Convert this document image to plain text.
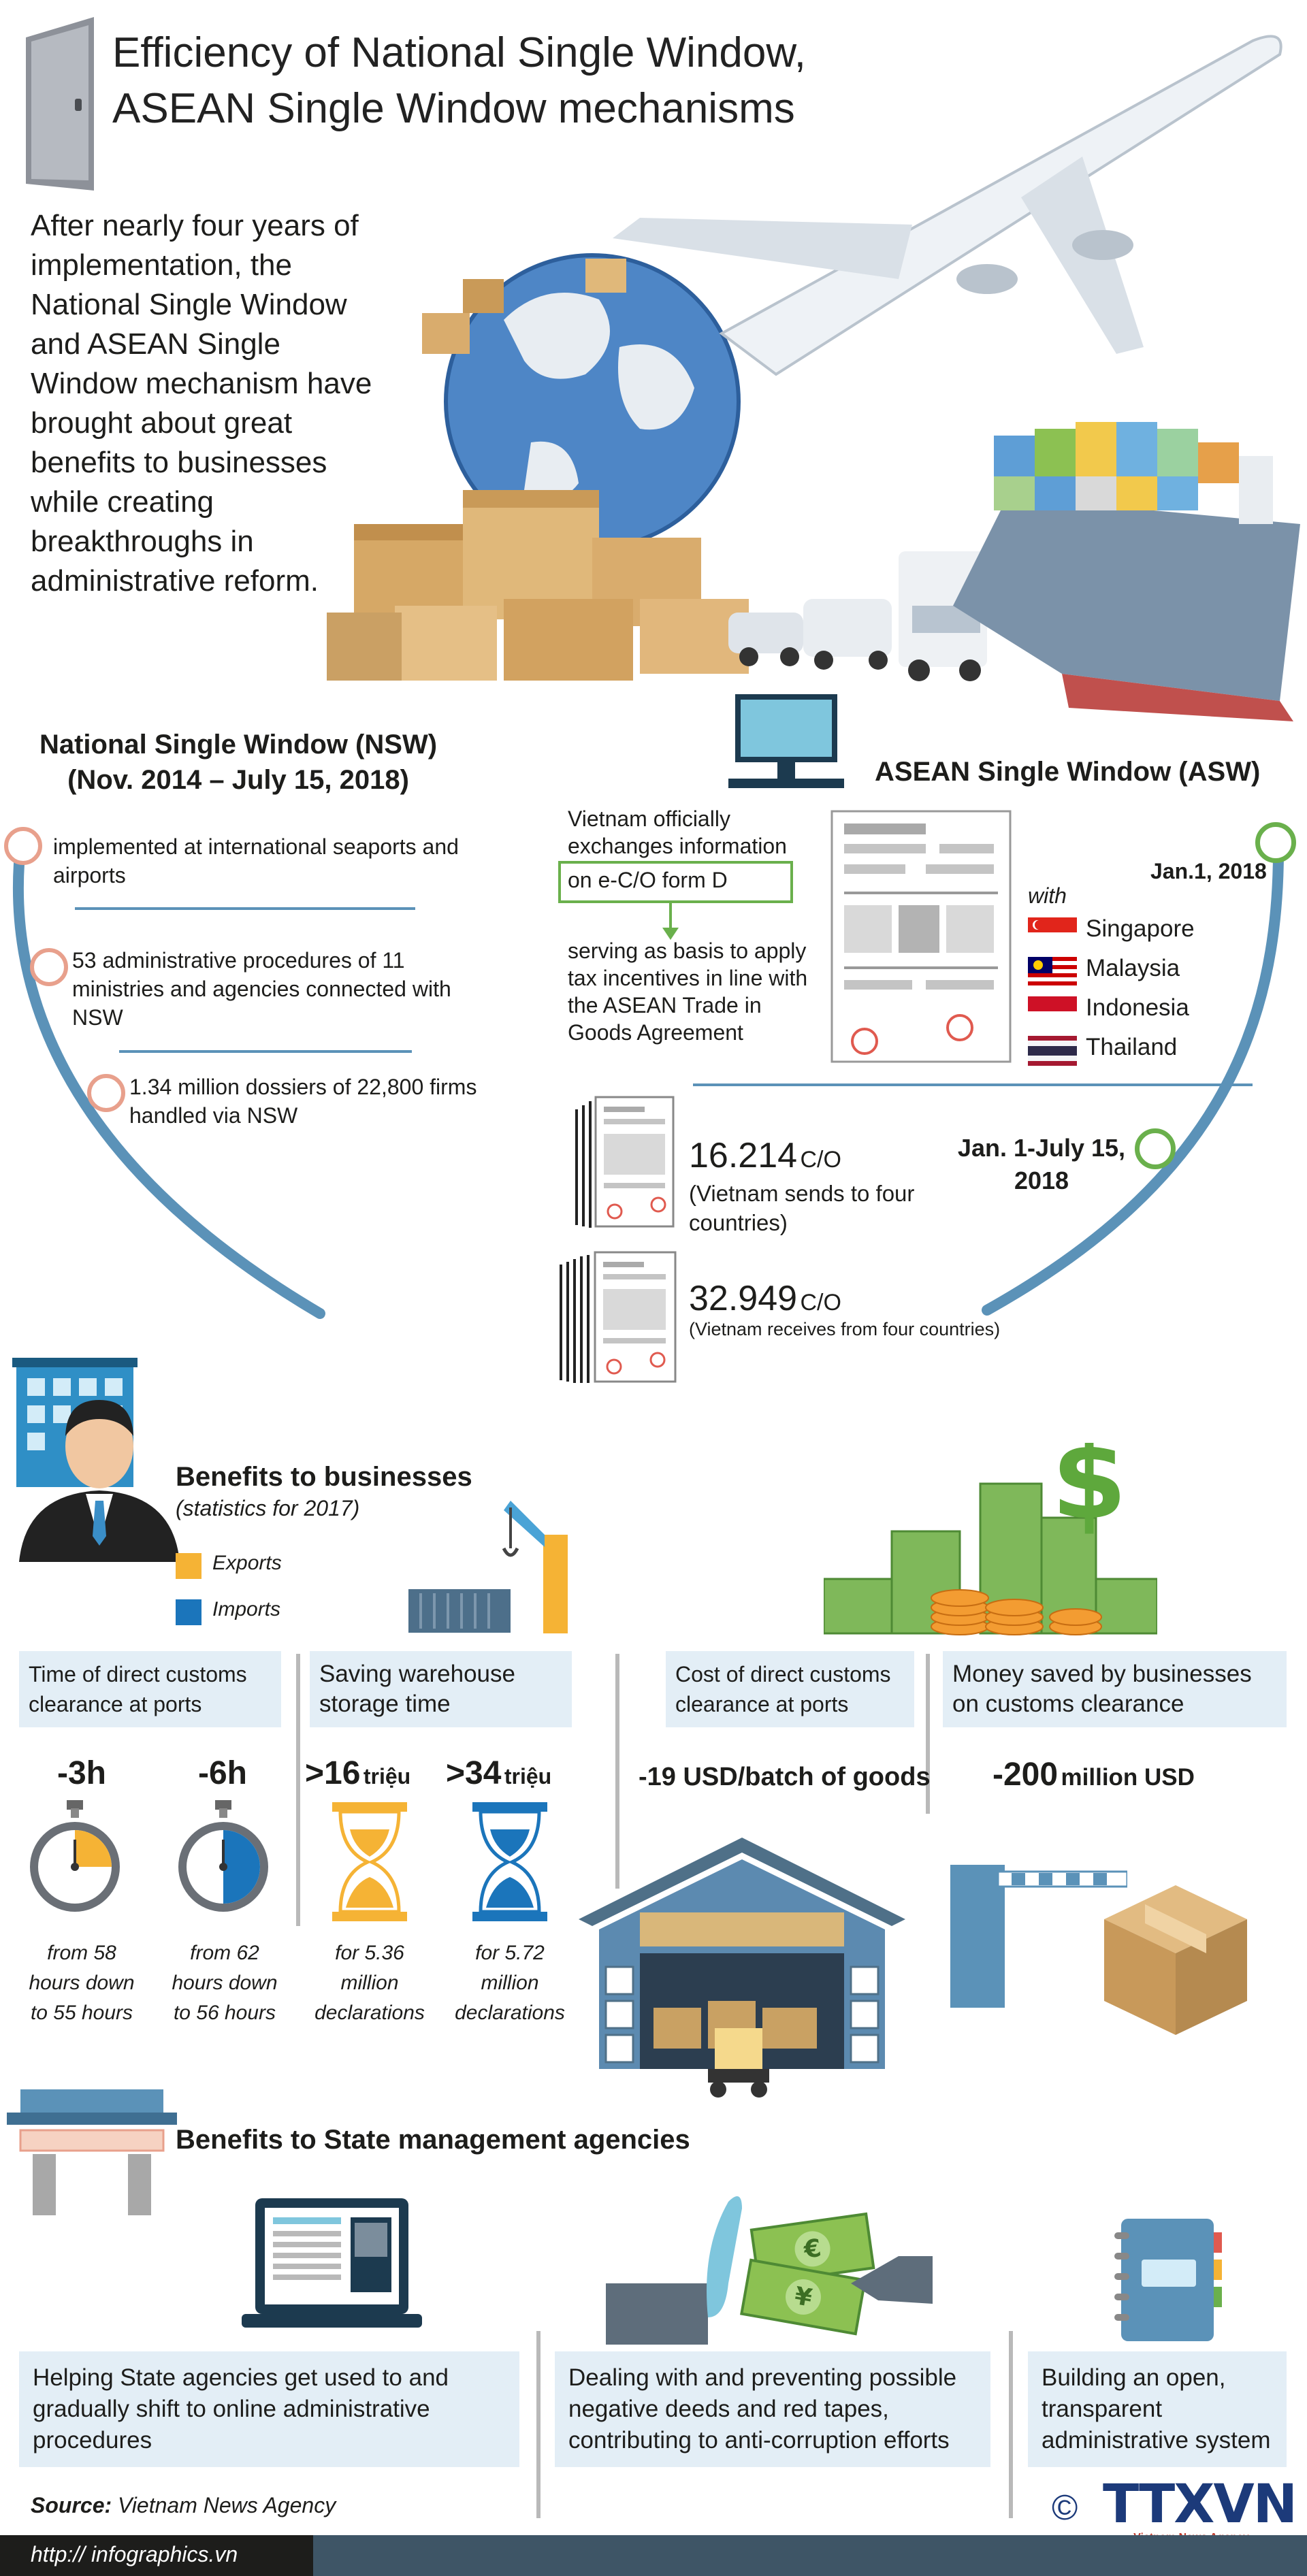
Efficiency of National Single Window,
ASEAN Single Window mechanisms
After nearly four years of
implementation, the
National Single Window
and ASEAN Single
Window mechanism have
brought about great
benefits to businesses
while creating
breakthroughs in
administrative reform.
National Single Window (NSW)
(Nov. 2014 – July 15, 2018)
implemented at international seaports and airports
53 administrative procedures of 11 ministries and agencies connected with NSW
1.34 million dossiers of 22,800 firms handled via NSW
ASEAN Single Window (ASW)
Vietnam officially exchanges information
on e-C/O form D
serving as basis to apply tax incentives in line with the ASEAN Trade in Goods Agreement
with
Singapore
Malaysia
Indonesia
Thailand
Jan.1, 2018
Jan. 1-July 15,
2018
16.214 C/O
(Vietnam sends to four
countries)
32.949 C/O
(Vietnam receives from four countries)
Benefits to businesses
(statistics for 2017)
Exports
Imports
$
Time of direct customs
clearance at ports
Saving warehouse
storage time
Cost of direct customs
clearance at ports
Money saved by businesses
on customs clearance
-3h	-6h	>16 triệu >34 triệu	-19 USD/batch of goods -200 million USD
from 58
hours down
to 55 hours
from 62
hours down
to 56 hours
for 5.36
million
declarations
for 5.72
million
declarations
Benefits to State management agencies
€
¥
Helping State agencies get used to and
gradually shift to online administrative
procedures
Dealing with and preventing possible
negative deeds and red tapes,
contributing to anti-corruption efforts
Building an open,
transparent
administrative system
Source: Vietnam News Agency	© TTXVN
http:// infographics.vn
